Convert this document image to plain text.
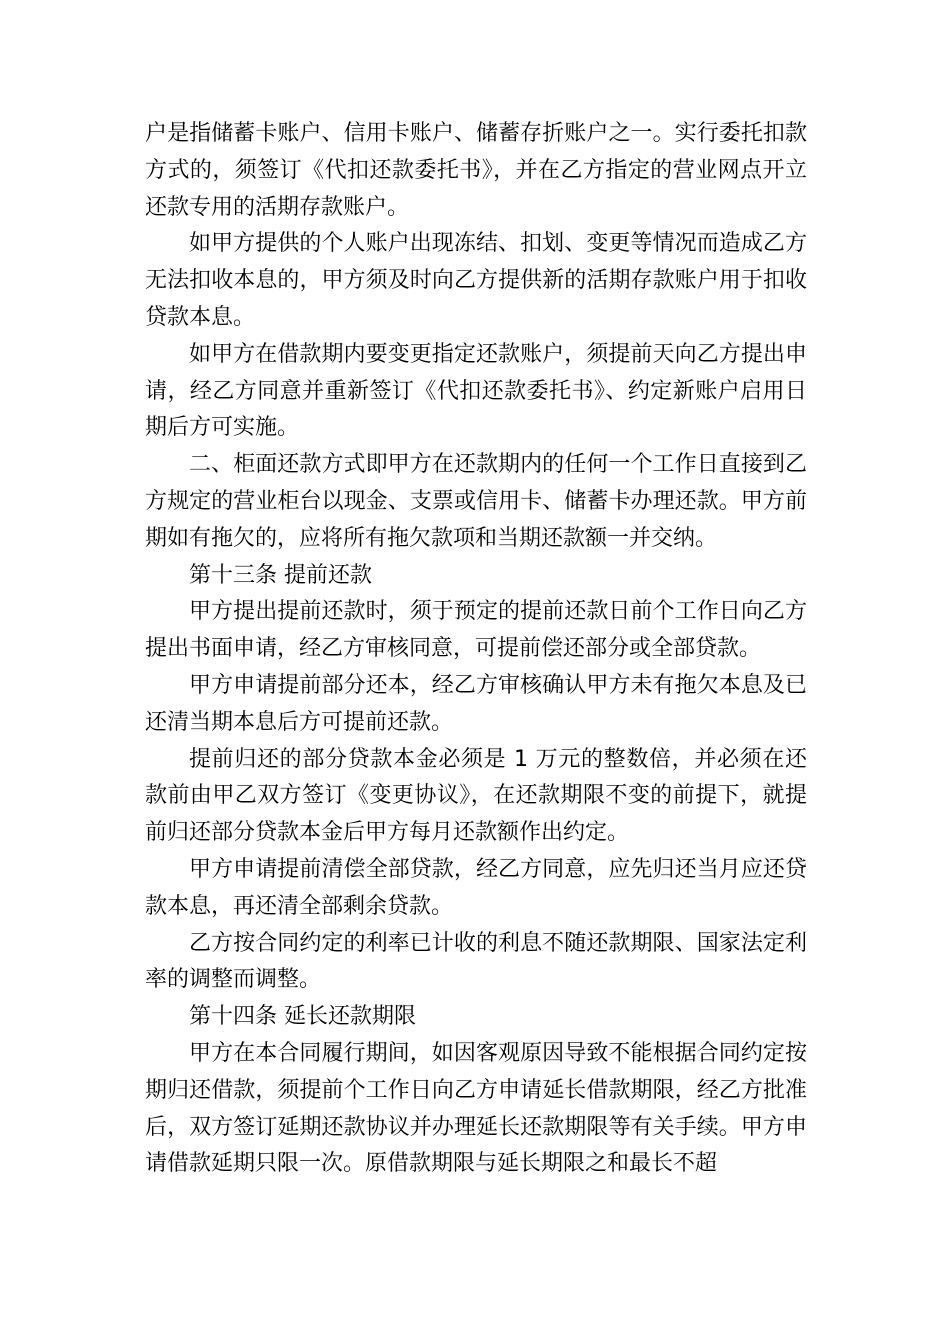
户是指储蓄卡账户、信用卡账户、储蓄存折账户之一。实行委托扣款方式的，须签订《代扣还款委托书》，并在乙方指定的营业网点开立还款专用的活期存款账户。

如甲方提供的个人账户出现冻结、扣划、变更等情况而造成乙方无法扣收本息的，甲方须及时向乙方提供新的活期存款账户用于扣收贷款本息。

如甲方在借款期内要变更指定还款账户，须提前天向乙方提出申请，经乙方同意并重新签订《代扣还款委托书》、约定新账户启用日期后方可实施。

二、柜面还款方式即甲方在还款期内的任何一个工作日直接到乙方规定的营业柜台以现金、支票或信用卡、储蓄卡办理还款。甲方前期如有拖欠的，应将所有拖欠款项和当期还款额一并交纳。

第十三条 提前还款

甲方提出提前还款时，须于预定的提前还款日前个工作日向乙方提出书面申请，经乙方审核同意，可提前偿还部分或全部贷款。

甲方申请提前部分还本，经乙方审核确认甲方未有拖欠本息及已还清当期本息后方可提前还款。

提前归还的部分贷款本金必须是 1 万元的整数倍，并必须在还款前由甲乙双方签订《变更协议》，在还款期限不变的前提下，就提前归还部分贷款本金后甲方每月还款额作出约定。

甲方申请提前清偿全部贷款，经乙方同意，应先归还当月应还贷款本息，再还清全部剩余贷款。

乙方按合同约定的利率已计收的利息不随还款期限、国家法定利率的调整而调整。

第十四条 延长还款期限

甲方在本合同履行期间，如因客观原因导致不能根据合同约定按期归还借款，须提前个工作日向乙方申请延长借款期限，经乙方批准后，双方签订延期还款协议并办理延长还款期限等有关手续。甲方申请借款延期只限一次。原借款期限与延长期限之和最长不超
